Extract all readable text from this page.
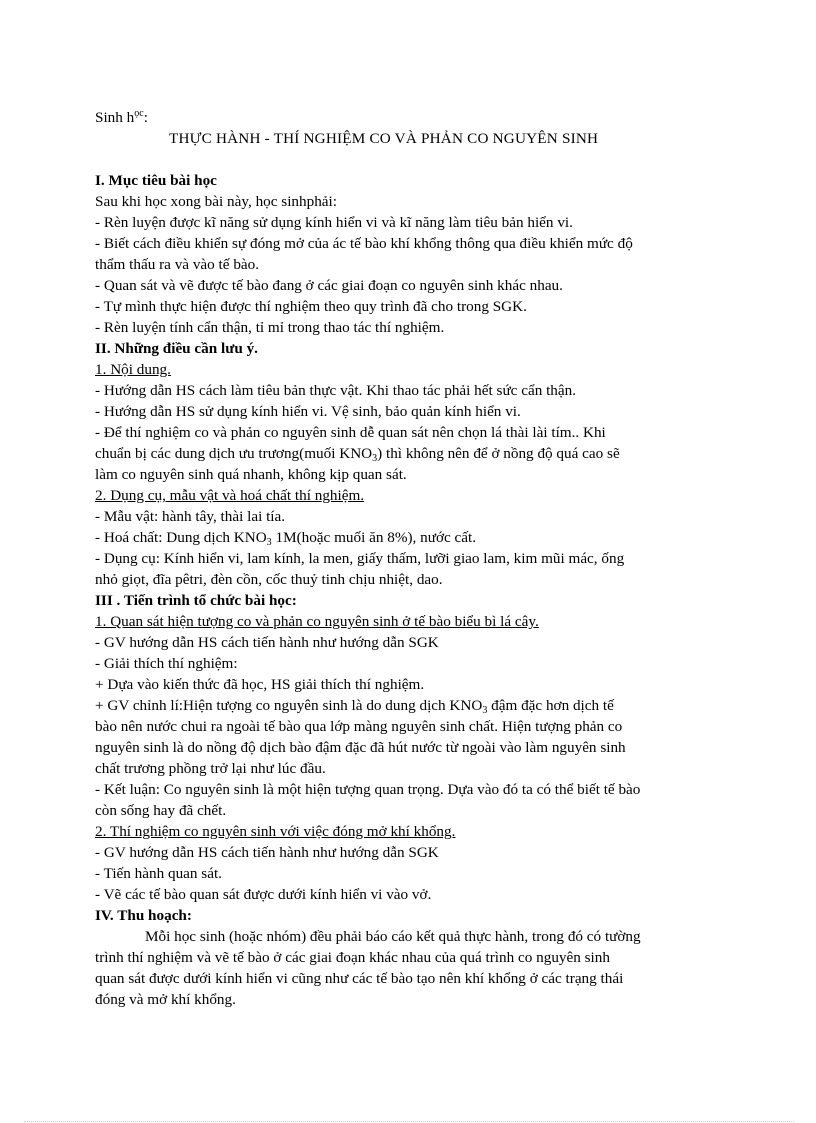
Sinh $h^{ọc}$:

THỰC HÀNH - THÍ NGHIỆM CO VÀ PHẢN CO NGUYÊN SINH

I. Mục tiêu bài học

Sau khi học xong bài này, học sinhphải:

- Rèn luyện được kĩ năng sử dụng kính hiển vi và kĩ năng làm tiêu bản hiển vi.

- Biết cách điều khiển sự đóng mở của ác tế bào khí khổng thông qua điều khiển mức độ

thẩm thấu ra và vào tế bào.

- Quan sát và vẽ được tế bào đang ở các giai đoạn co nguyên sinh khác nhau.

- Tự mình thực hiện được thí nghiệm theo quy trình đã cho trong SGK.

- Rèn luyện tính cẩn thận, tỉ mỉ trong thao tác thí nghiệm.

II. Những điều cần lưu ý.

1. Nội dung.

- Hướng dẫn HS cách làm tiêu bản thực vật. Khi thao tác phải hết sức cẩn thận.

- Hướng dẫn HS sử dụng kính hiển vi. Vệ sinh, bảo quản kính hiển vi.

- Để thí nghiệm co và phản co nguyên sinh dễ quan sát nên chọn lá thài lài tím.. Khi

chuẩn bị các dung dịch ưu trương(muối $KNO_3$) thì không nên để ở nồng độ quá cao sẽ

làm co nguyên sinh quá nhanh, không kịp quan sát.

2. Dụng cụ, mẫu vật và hoá chất thí nghiệm.

- Mẫu vật: hành tây, thài lai tía.

- Hoá chất: Dung dịch $KNO_3$ 1M(hoặc muối ăn 8%), nước cất.

- Dụng cụ: Kính hiển vi, lam kính, la men, giấy thấm, lưỡi giao lam, kim mũi mác, ống

nhỏ giọt, đĩa pêtri, đèn cồn, cốc thuỷ tinh chịu nhiệt, dao.

III . Tiến trình tổ chức bài học:

1. Quan sát hiện tượng co và phản co nguyên sinh ở tế bào biểu bì lá cây.

- GV hướng dẫn HS cách tiến hành như hướng dẫn SGK

- Giải thích thí nghiệm:

+ Dựa vào kiến thức đã học, HS giải thích thí nghiệm.

+ GV chỉnh lí:Hiện tượng co nguyên sinh là do dung dịch $KNO_3$ đậm đặc hơn dịch tế

bào nên nước chui ra ngoài tế bào qua lớp màng nguyên sinh chất. Hiện tượng phản co

nguyên sinh là do nồng độ dịch bào đậm đặc đã hút nước từ ngoài vào làm nguyên sinh

chất trương phồng trở lại như lúc đầu.

- Kết luận: Co nguyên sinh là một hiện tượng quan trọng. Dựa vào đó ta có thể biết tế bào

còn sống hay đã chết.

2. Thí nghiệm co nguyên sinh với việc đóng mở khí khổng.

- GV hướng dẫn HS cách tiến hành như hướng dẫn SGK

- Tiến hành quan sát.

- Vẽ các tế bào quan sát được dưới kính hiển vi vào vở.

IV. Thu hoạch:

Mỗi học sinh (hoặc nhóm) đều phải báo cáo kết quả thực hành, trong đó có tường

trình thí nghiệm và vẽ tế bào ở các giai đoạn khác nhau của quá trình co nguyên sinh

quan sát được dưới kính hiển vi cũng như các tế bào tạo nên khí khổng ở các trạng thái

đóng và mở khí khổng.
